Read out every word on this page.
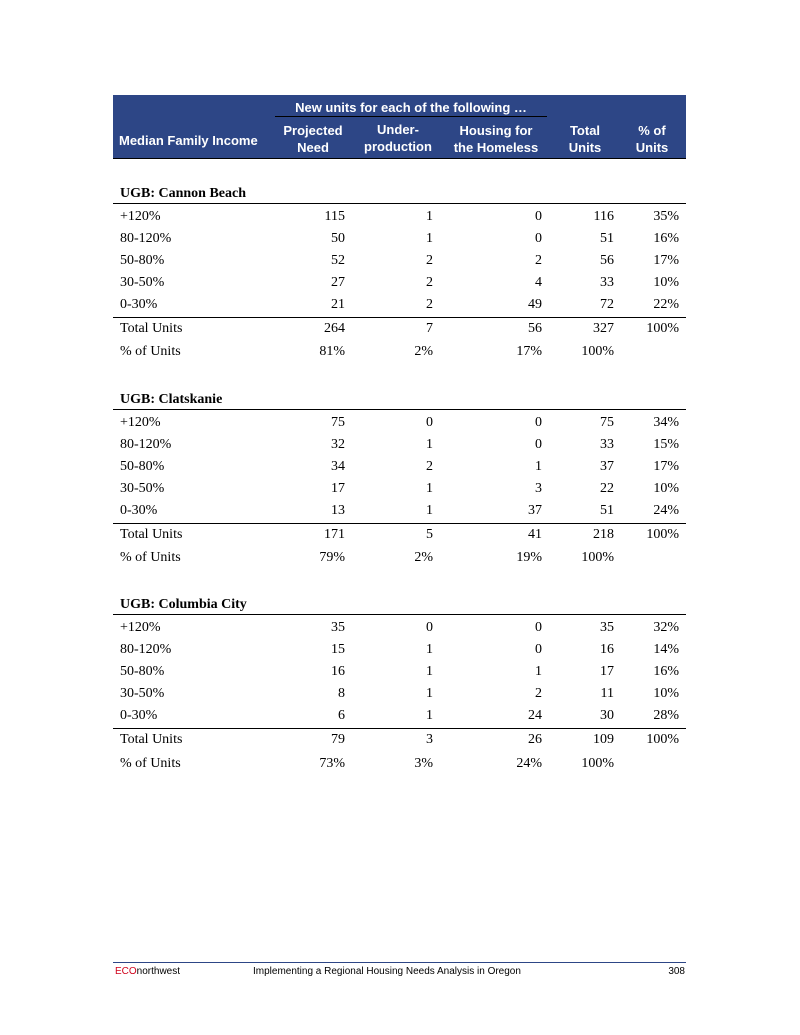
New units for each of the following …
Median Family Income
Projected
Need
Under-
production
Housing for
the Homeless
Total
Units
% of
Units
UGB: Cannon Beach
+120%	115	1	0	116	35%
80-120%	50	1	0	51	16%
50-80%	52	2	2	56	17%
30-50%	27	2	4	33	10%
0-30%	21	2	49	72	22%
Total Units	264	7	56	327 100%
% of Units	81%	2%	17%	100%
UGB: Clatskanie
+120%	75	0	0	75	34%
80-120%	32	1	0	33	15%
50-80%	34	2	1	37	17%
30-50%	17	1	3	22	10%
0-30%	13	1	37	51	24%
Total Units	171	5	41	218 100%
% of Units	79%	2%	19%	100%
UGB: Columbia City
+120%	35	0	0	35	32%
80-120%	15	1	0	16	14%
50-80%	16	1	1	17	16%
30-50%	8	1	2	11	10%
0-30%	6	1	24	30	28%
Total Units	79	3	26	109 100%
% of Units	73%	3%	24%	100%
ECOnorthwest	Implementing a Regional Housing Needs Analysis in Oregon	308
